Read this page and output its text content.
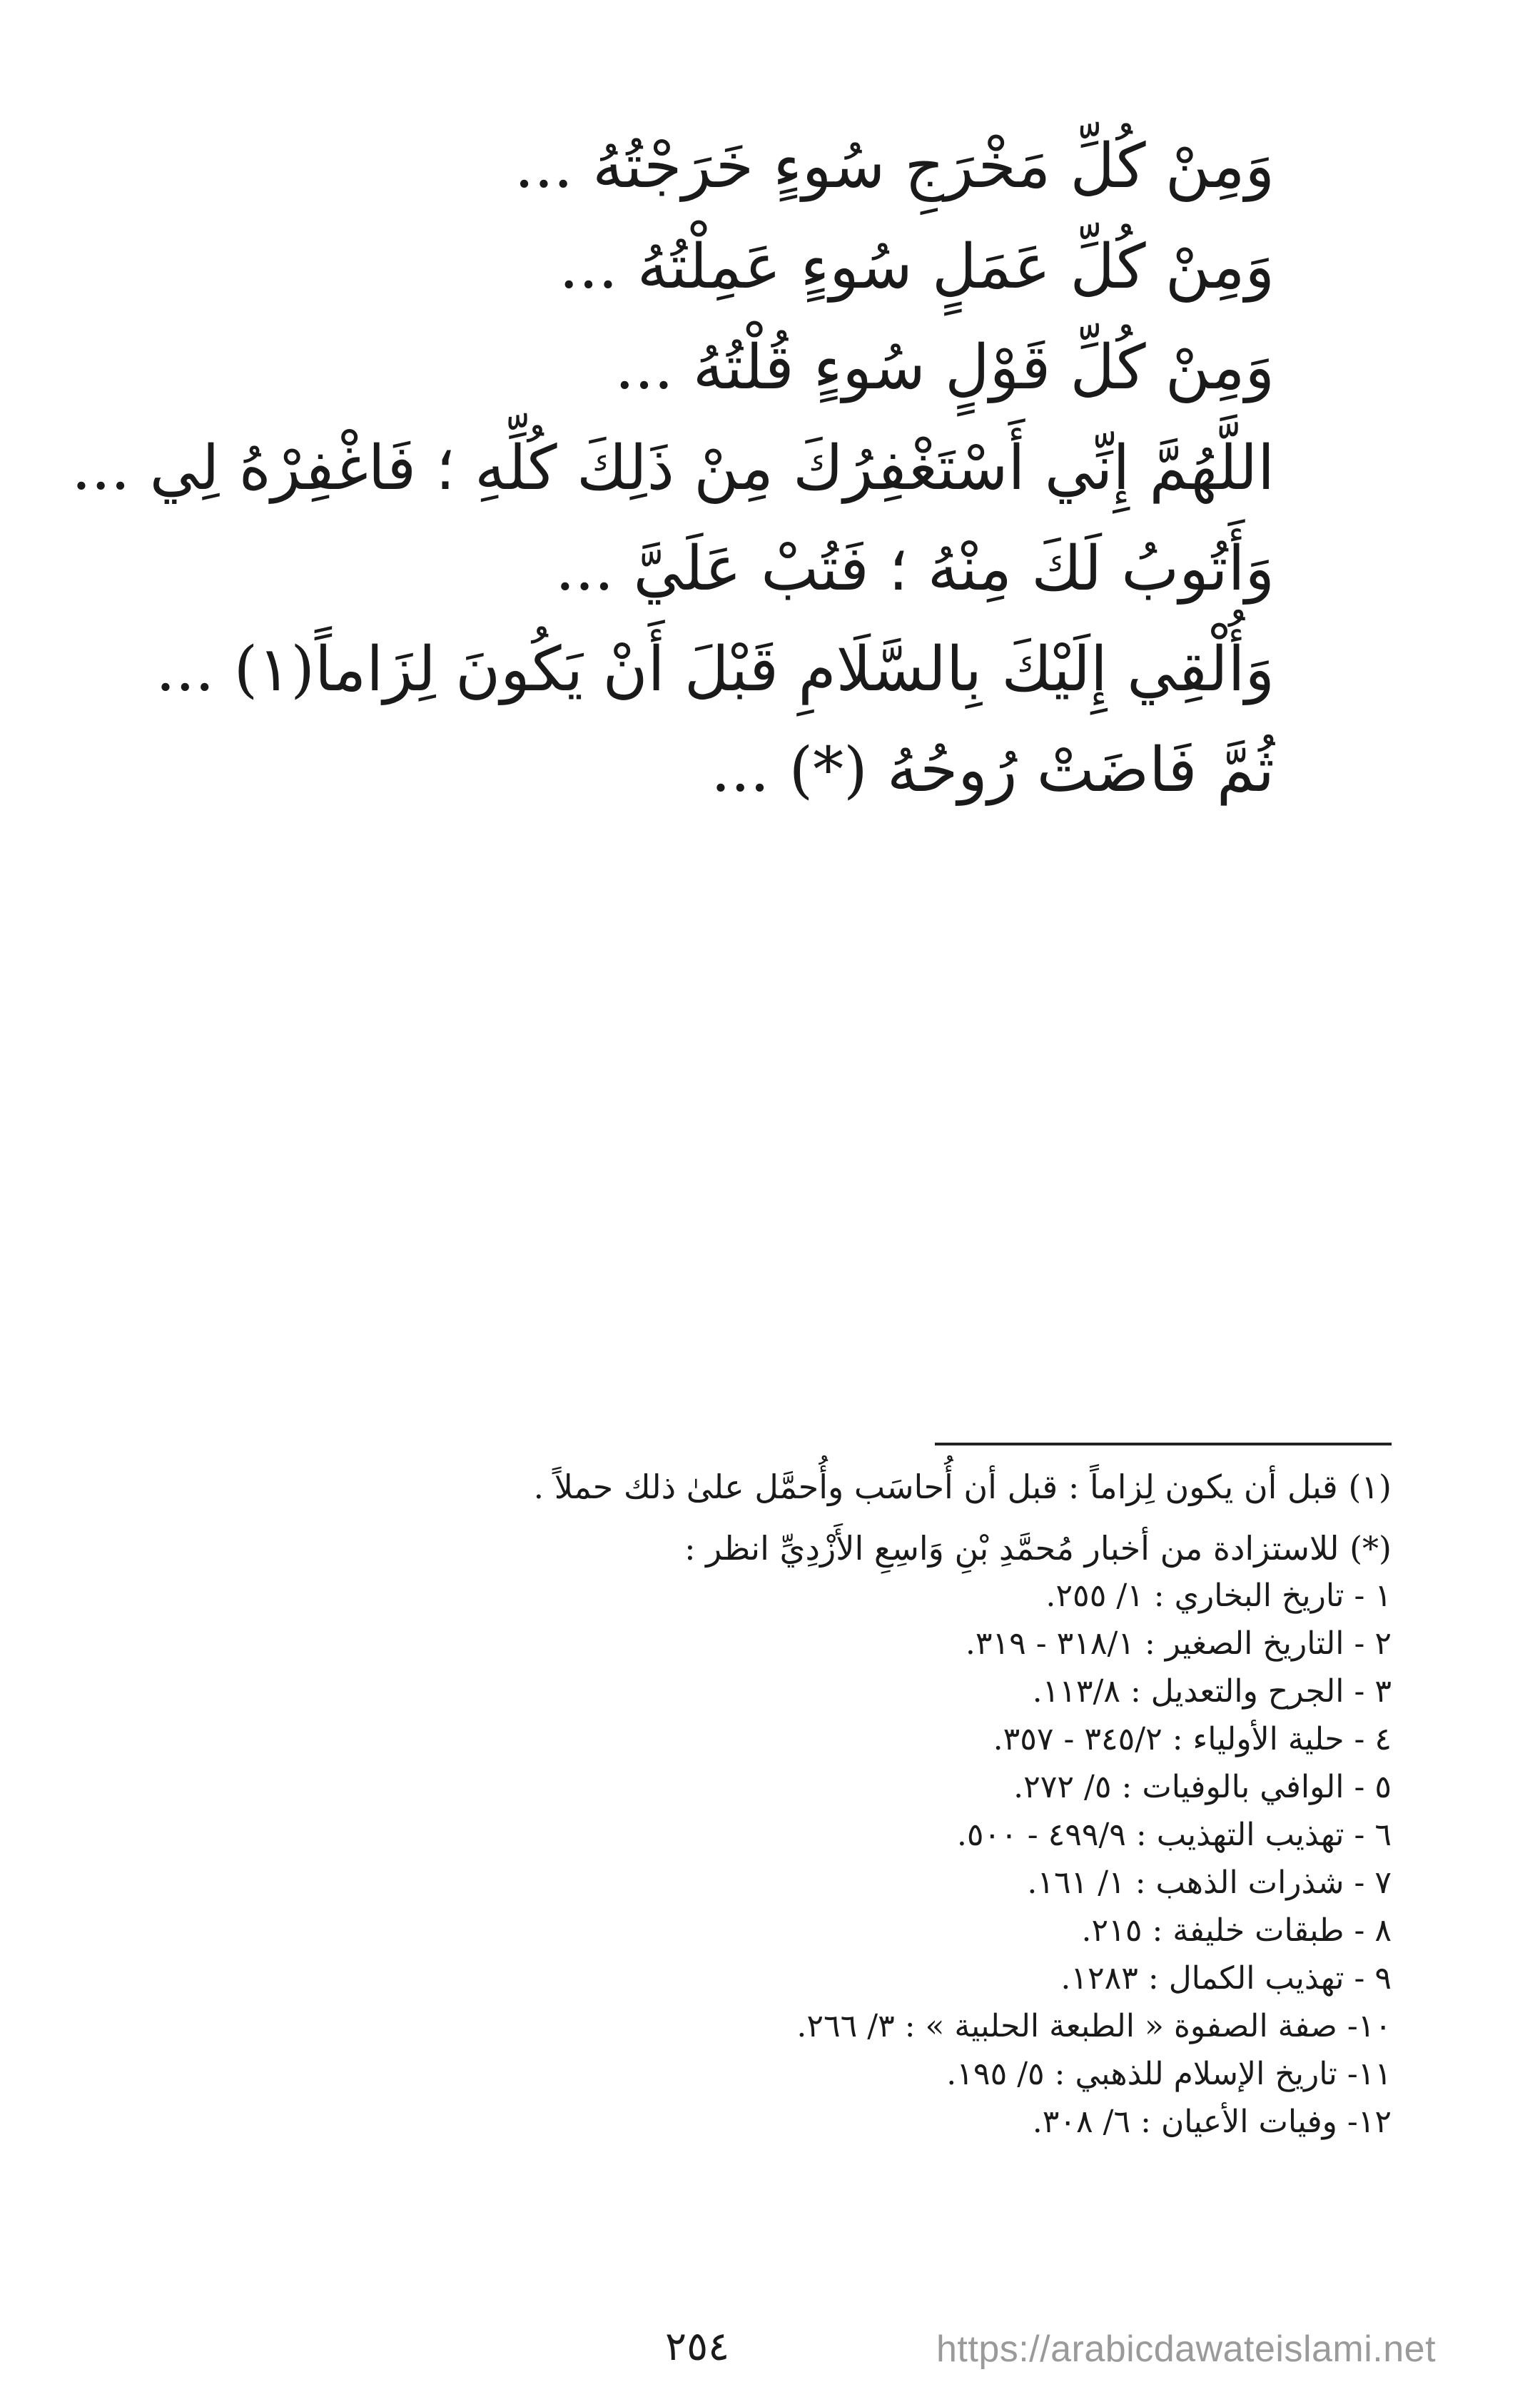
وَمِنْ كُلِّ مَخْرَجِ سُوءٍ خَرَجْتُهُ ...
وَمِنْ كُلِّ عَمَلٍ سُوءٍ عَمِلْتُهُ ...
وَمِنْ كُلِّ قَوْلٍ سُوءٍ قُلْتُهُ ...
اللَّهُمَّ إِنِّي أَسْتَغْفِرُكَ مِنْ ذَلِكَ كُلِّهِ ؛ فَاغْفِرْهُ لِي ...
وَأَتُوبُ لَكَ مِنْهُ ؛ فَتُبْ عَلَيَّ ...
وَأُلْقِي إِلَيْكَ بِالسَّلَامِ قَبْلَ أَنْ يَكُونَ لِزَاماً(١) ...
ثُمَّ فَاضَتْ رُوحُهُ (*) ...
(١) قبل أن يكون لِزاماً : قبل أن أُحاسَب وأُحمَّل علىٰ ذلك حملاً .
(*) للاستزادة من أخبار مُحمَّدِ بْنِ وَاسِعِ الأَزْدِيِّ انظر :
١ - تاريخ البخاري : ١/ ٢٥٥.
٢ - التاريخ الصغير : ٣١٨/١ - ٣١٩.
٣ - الجرح والتعديل : ١١٣/٨.
٤ - حلية الأولياء : ٣٤٥/٢ - ٣٥٧.
٥ - الوافي بالوفيات : ٥/ ٢٧٢.
٦ - تهذيب التهذيب : ٤٩٩/٩ - ٥٠٠.
٧ - شذرات الذهب : ١/ ١٦١.
٨ - طبقات خليفة : ٢١٥.
٩ - تهذيب الكمال : ١٢٨٣.
١٠- صفة الصفوة « الطبعة الحلبية » : ٣/ ٢٦٦.
١١- تاريخ الإسلام للذهبي : ٥/ ١٩٥.
١٢- وفيات الأعيان : ٦/ ٣٠٨.
٢٥٤	https://arabicdawateislami.net
